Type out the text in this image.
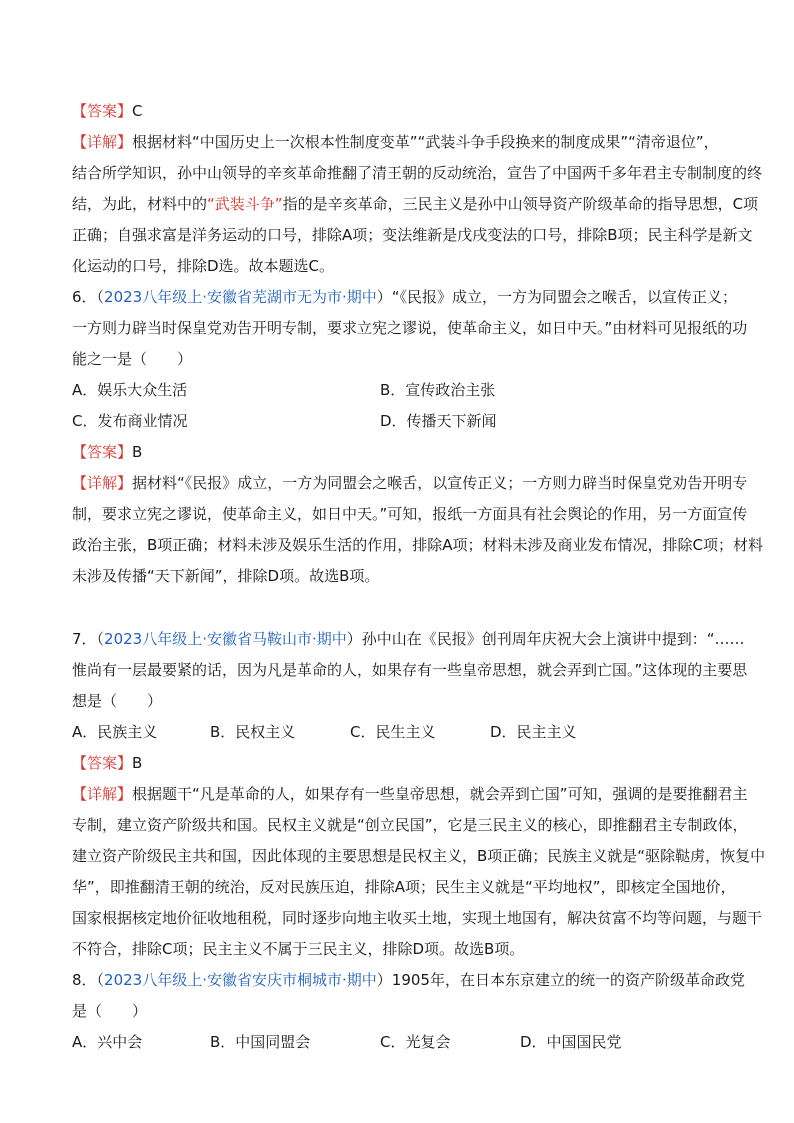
【答案】C
【详解】根据材料“中国历史上一次根本性制度变革”“武装斗争手段换来的制度成果”“清帝退位”，
结合所学知识，孙中山领导的辛亥革命推翻了清王朝的反动统治，宣告了中国两千多年君主专制制度的终
结，为此，材料中的“武装斗争”指的是辛亥革命，三民主义是孙中山领导资产阶级革命的指导思想，C项
正确；自强求富是洋务运动的口号，排除A项；变法维新是戊戌变法的口号，排除B项；民主科学是新文
化运动的口号，排除D选。故本题选C。
6．（2023八年级上·安徽省芜湖市无为市·期中）“《民报》成立，一方为同盟会之喉舌，以宣传正义；
一方则力辟当时保皇党劝告开明专制，要求立宪之谬说，使革命主义，如日中天。”由材料可见报纸的功
能之一是（　　）
A．娱乐大众生活	B．宣传政治主张
C．发布商业情况	D．传播天下新闻
【答案】B
【详解】据材料“《民报》成立，一方为同盟会之喉舌，以宣传正义；一方则力辟当时保皇党劝告开明专
制，要求立宪之谬说，使革命主义，如日中天。”可知，报纸一方面具有社会舆论的作用，另一方面宣传
政治主张，B项正确；材料未涉及娱乐生活的作用，排除A项；材料未涉及商业发布情况，排除C项；材料
未涉及传播“天下新闻”，排除D项。故选B项。
7．（2023八年级上·安徽省马鞍山市·期中）孙中山在《民报》创刊周年庆祝大会上演讲中提到：“……
惟尚有一层最要紧的话，因为凡是革命的人，如果存有一些皇帝思想，就会弄到亡国。”这体现的主要思
想是（　　）
A．民族主义	B．民权主义	C．民生主义	D．民主主义
【答案】B
【详解】根据题干“凡是革命的人，如果存有一些皇帝思想，就会弄到亡国”可知，强调的是要推翻君主
专制，建立资产阶级共和国。民权主义就是“创立民国”，它是三民主义的核心，即推翻君主专制政体，
建立资产阶级民主共和国，因此体现的主要思想是民权主义，B项正确；民族主义就是“驱除鞑虏，恢复中
华”，即推翻清王朝的统治，反对民族压迫，排除A项；民生主义就是“平均地权”，即核定全国地价，
国家根据核定地价征收地租税，同时逐步向地主收买土地，实现土地国有，解决贫富不均等问题，与题干
不符合，排除C项；民主主义不属于三民主义，排除D项。故选B项。
8．（2023八年级上·安徽省安庆市桐城市·期中）1905年，在日本东京建立的统一的资产阶级革命政党
是（　　）
A．兴中会	B．中国同盟会	C．光复会	D．中国国民党
